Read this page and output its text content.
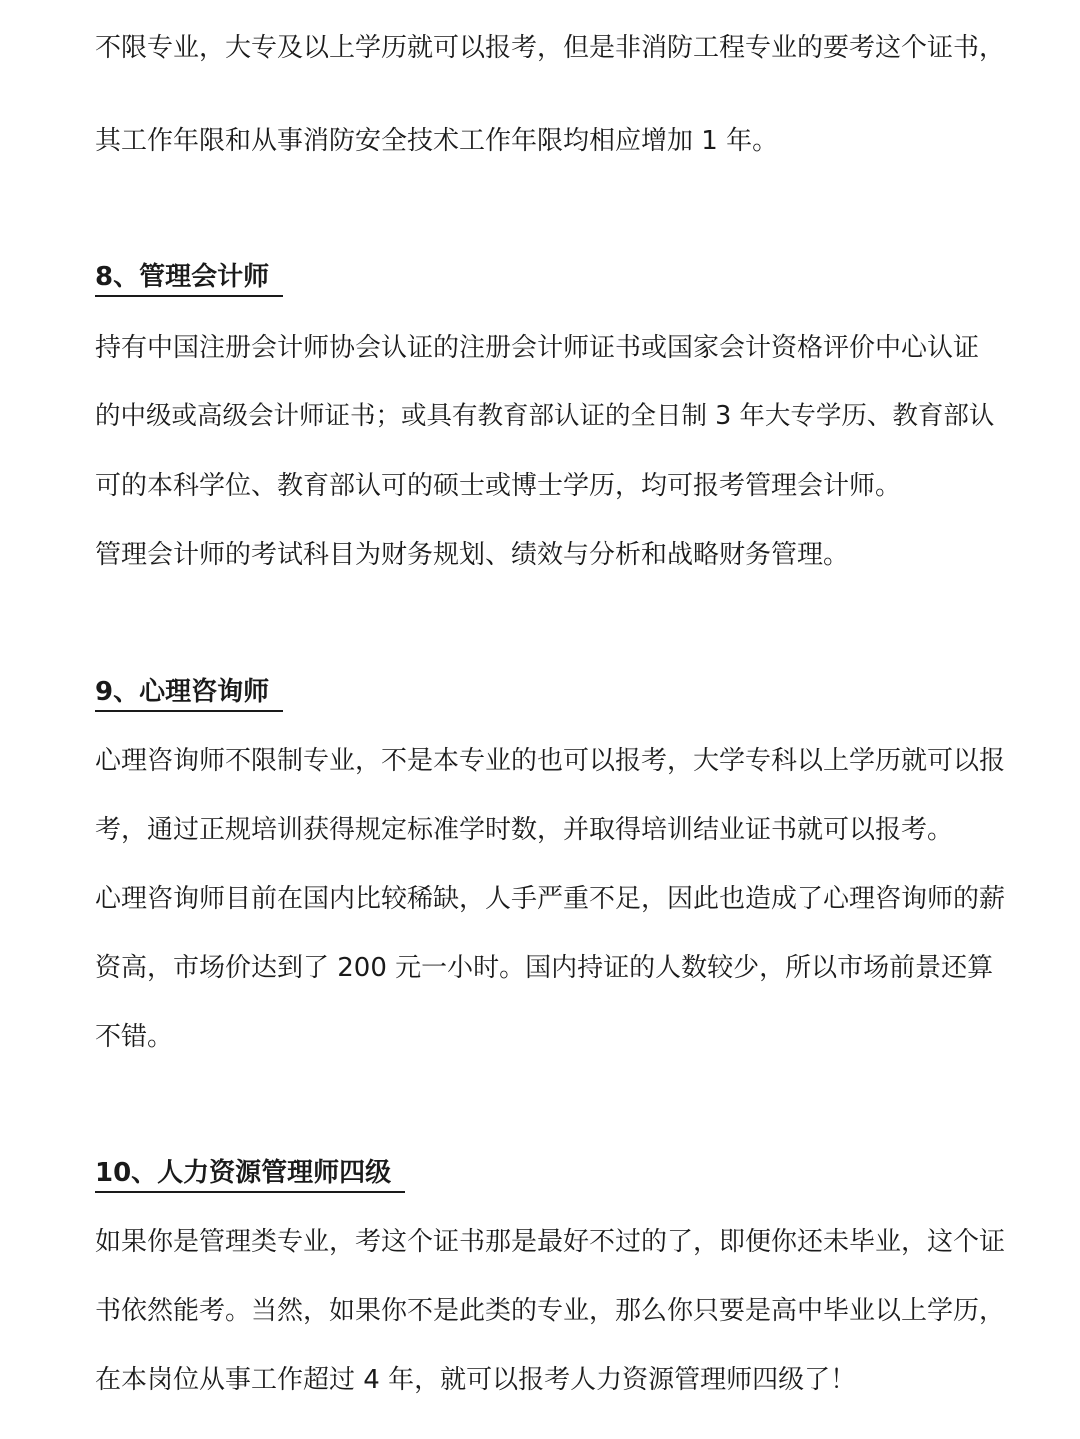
不限专业，大专及以上学历就可以报考，但是非消防工程专业的要考这个证书，
其工作年限和从事消防安全技术工作年限均相应增加 1 年。
8、管理会计师
持有中国注册会计师协会认证的注册会计师证书或国家会计资格评价中心认证
的中级或高级会计师证书；或具有教育部认证的全日制 3 年大专学历、教育部认
可的本科学位、教育部认可的硕士或博士学历，均可报考管理会计师。
管理会计师的考试科目为财务规划、绩效与分析和战略财务管理。
9、心理咨询师
心理咨询师不限制专业，不是本专业的也可以报考，大学专科以上学历就可以报
考，通过正规培训获得规定标准学时数，并取得培训结业证书就可以报考。
心理咨询师目前在国内比较稀缺，人手严重不足，因此也造成了心理咨询师的薪
资高，市场价达到了 200 元一小时。国内持证的人数较少，所以市场前景还算
不错。
10、人力资源管理师四级
如果你是管理类专业，考这个证书那是最好不过的了，即便你还未毕业，这个证
书依然能考。当然，如果你不是此类的专业，那么你只要是高中毕业以上学历，
在本岗位从事工作超过 4 年，就可以报考人力资源管理师四级了！
